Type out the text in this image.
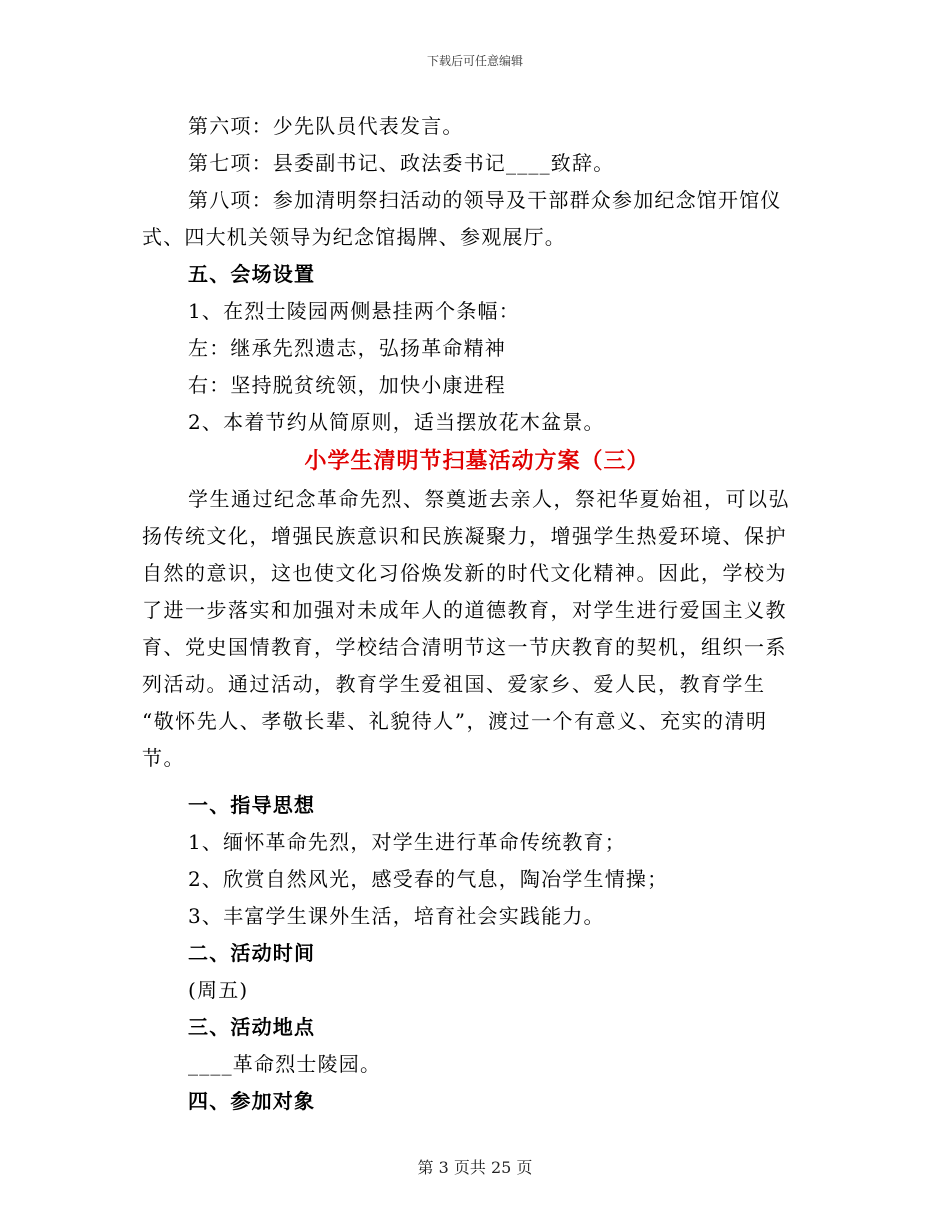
下载后可任意编辑
第六项：少先队员代表发言。
第七项：县委副书记、政法委书记____致辞。
第八项：参加清明祭扫活动的领导及干部群众参加纪念馆开馆仪
式、四大机关领导为纪念馆揭牌、参观展厅。
五、会场设置
1、在烈士陵园两侧悬挂两个条幅：
左：继承先烈遗志，弘扬革命精神
右：坚持脱贫统领，加快小康进程
2、本着节约从简原则，适当摆放花木盆景。
小学生清明节扫墓活动方案（三）
学生通过纪念革命先烈、祭奠逝去亲人，祭祀华夏始祖，可以弘
扬传统文化，增强民族意识和民族凝聚力，增强学生热爱环境、保护
自然的意识，这也使文化习俗焕发新的时代文化精神。因此，学校为
了进一步落实和加强对未成年人的道德教育，对学生进行爱国主义教
育、党史国情教育，学校结合清明节这一节庆教育的契机，组织一系
列活动。通过活动，教育学生爱祖国、爱家乡、爱人民，教育学生
“敬怀先人、孝敬长辈、礼貌待人”，渡过一个有意义、充实的清明
节。
一、指导思想
1、缅怀革命先烈，对学生进行革命传统教育；
2、欣赏自然风光，感受春的气息，陶冶学生情操；
3、丰富学生课外生活，培育社会实践能力。
二、活动时间
(周五)
三、活动地点
____革命烈士陵园。
四、参加对象
第 3 页共 25 页
